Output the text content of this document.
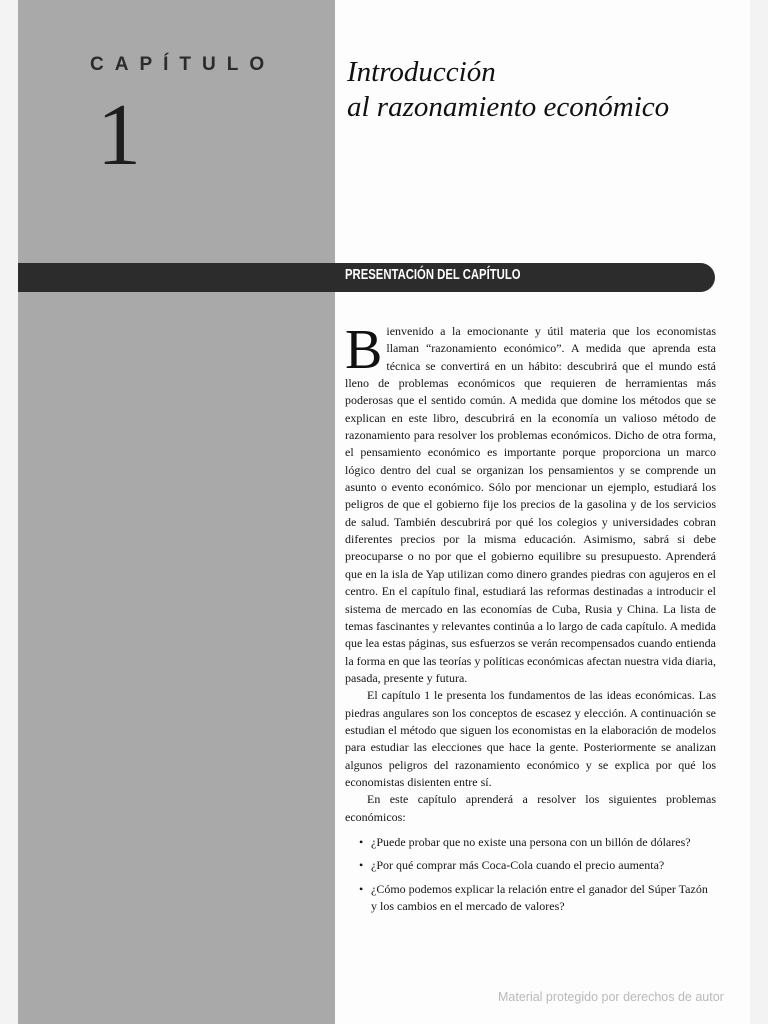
CAPÍTULO
1
Introducción
al razonamiento económico
PRESENTACIÓN DEL CAPÍTULO

Bienvenido a la emocionante y útil materia que los economistas llaman “razonamiento económico”. A medida que aprenda esta técnica se convertirá en un hábito: descubrirá que el mundo está lleno de problemas económicos que requieren de herramientas más poderosas que el sentido común. A medida que domine los métodos que se explican en este libro, descubrirá en la economía un valioso método de razonamiento para resolver los problemas económicos. Dicho de otra forma, el pensamiento económico es importante porque proporciona un marco lógico dentro del cual se organizan los pensamientos y se comprende un asunto o evento económico. Sólo por mencionar un ejemplo, estudiará los peligros de que el gobierno fije los precios de la gasolina y de los servicios de salud. También descubrirá por qué los colegios y universidades cobran diferentes precios por la misma educación. Asimismo, sabrá si debe preocuparse o no por que el gobierno equilibre su presupuesto. Aprenderá que en la isla de Yap utilizan como dinero grandes piedras con agujeros en el centro. En el capítulo final, estudiará las reformas destinadas a introducir el sistema de mercado en las economías de Cuba, Rusia y China. La lista de temas fascinantes y relevantes continúa a lo largo de cada capítulo. A medida que lea estas páginas, sus esfuerzos se verán recompensados cuando entienda la forma en que las teorías y políticas económicas afectan nuestra vida diaria, pasada, presente y futura.

El capítulo 1 le presenta los fundamentos de las ideas económicas. Las piedras angulares son los conceptos de escasez y elección. A continuación se estudian el método que siguen los economistas en la elaboración de modelos para estudiar las elecciones que hace la gente. Posteriormente se analizan algunos peligros del razonamiento económico y se explica por qué los economistas disienten entre sí.

En este capítulo aprenderá a resolver los siguientes problemas económicos:

• ¿Puede probar que no existe una persona con un billón de dólares?
• ¿Por qué comprar más Coca-Cola cuando el precio aumenta?
• ¿Cómo podemos explicar la relación entre el ganador del Súper Tazón y los cambios en el mercado de valores?
Material protegido por derechos de autor
